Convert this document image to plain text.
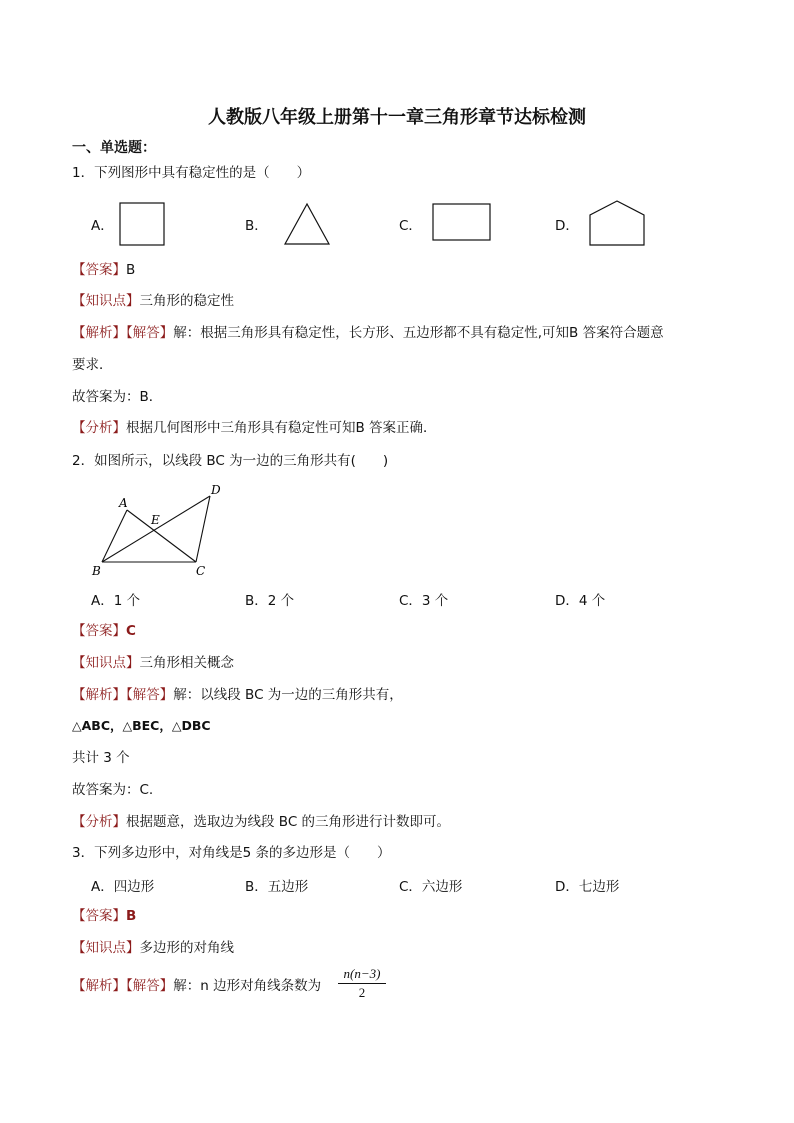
人教版八年级上册第十一章三角形章节达标检测
一、单选题：
1．下列图形中具有稳定性的是（　　）
A．	B．	C．	D．
【答案】B
【知识点】三角形的稳定性
【解析】【解答】解：根据三角形具有稳定性，长方形、五边形都不具有稳定性,可知B 答案符合题意
要求．
故答案为：B．
【分析】根据几何图形中三角形具有稳定性可知B 答案正确．
2．如图所示，以线段 BC 为一边的三角形共有(　　)
A
B	C
D
E
A．1 个	B．2 个	C．3 个	D．4 个
【答案】C
【知识点】三角形相关概念
【解析】【解答】解：以线段 BC 为一边的三角形共有，
△ABC，△BEC，△DBC
共计 3 个
故答案为：C.
【分析】根据题意，选取边为线段 BC 的三角形进行计数即可。
3．下列多边形中，对角线是5 条的多边形是（　　）
A．四边形	B．五边形	C．六边形	D．七边形
【答案】B
【知识点】多边形的对角线
【解析】【解答】解：n 边形对角线条数为
n(n−3)
2
